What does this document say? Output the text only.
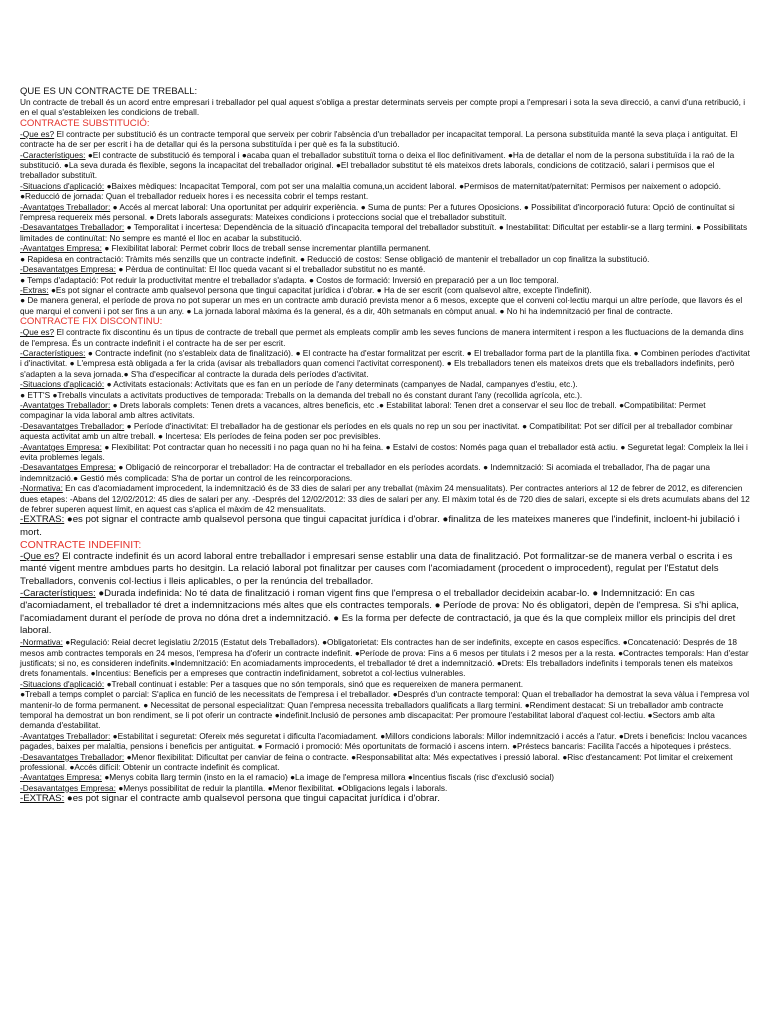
QUE ES UN CONTRACTE DE TREBALL:

Un contracte de treball és un acord entre empresari i treballador pel qual aquest s'obliga a prestar determinats serveis per compte propi a l'empresari i sota la seva direcció, a canvi d'una retribució, i en el qual s'estableixen les condicions de treball.

CONTRACTE SUBSTITUCIÓ:

-Que es? El contracte per substitució és un contracte temporal que serveix per cobrir l'absència d'un treballador per incapacitat temporal. La persona substituïda manté la seva plaça i antiguitat. El contracte ha de ser per escrit i ha de detallar qui és la persona substituïda i per què es fa la substitució.

-Característiques: ●El contracte de substitució és temporal i ●acaba quan el treballador substituït torna o deixa el lloc definitivament. ●Ha de detallar el nom de la persona substituïda i la raó de la substitució. ●La seva durada és flexible, segons la incapacitat del treballador original. ●El treballador substitut té els mateixos drets laborals, condicions de cotització, salari i permisos que el treballador substituït.

-Situacions d'aplicació: ●Baixes mèdiques: Incapacitat Temporal, com pot ser una malaltia comuna,un accident laboral. ●Permisos de maternitat/paternitat: Permisos per naixement o adopció. ●Reducció de jornada: Quan el treballador redueix hores i es necessita cobrir el temps restant.

-Avantatges Treballador: ● Accés al mercat laboral: Una oportunitat per adquirir experiència. ● Suma de punts: Per a futures Oposicions. ● Possibilitat d'incorporació futura: Opció de continuïtat si l'empresa requereix més personal. ● Drets laborals assegurats: Mateixes condicions i proteccions social que el treballador substituït.

-Desavantatges Treballador: ● Temporalitat i incertesa: Dependència de la situació d'incapacita temporal del treballador substituït. ● Inestabilitat: Dificultat per establir-se a llarg termini. ● Possibilitats limitades de continuïtat: No sempre es manté el lloc en acabar la substitució.

-Avantatges Empresa: ● Flexibilitat laboral: Permet cobrir llocs de treball sense incrementar plantilla permanent.

● Rapidesa en contractació: Tràmits més senzills que un contracte indefinit. ● Reducció de costos: Sense obligació de mantenir el treballador un cop finalitza la substitució.

-Desavantatges Empresa: ● Pèrdua de continuïtat: El lloc queda vacant si el treballador substitut no es manté.

● Temps d'adaptació: Pot reduir la productivitat mentre el treballador s'adapta. ● Costos de formació: Inversió en preparació per a un lloc temporal.

-Extras: ●Es pot signar el contracte amb qualsevol persona que tingui capacitat jurídica i d'obrar. ● Ha de ser escrit (com qualsevol altre, excepte l'indefinit).

● De manera general, el període de prova no pot superar un mes en un contracte amb duració prevista menor a 6 mesos, excepte que el conveni col·lectiu marqui un altre període, que llavors és el que marqui el conveni i pot ser fins a un any. ● La jornada laboral màxima és la general, és a dir, 40h setmanals en còmput anual. ● No hi ha indemnització per final de contracte.

CONTRACTE FIX DISCONTINU:

-Que es? El contracte fix discontinu és un tipus de contracte de treball que permet als empleats complir amb les seves funcions de manera intermitent i respon a les fluctuacions de la demanda dins de l'empresa. És un contracte indefinit i el contracte ha de ser per escrit.

-Característiques: ● Contracte indefinit (no s'estableix data de finalització). ● El contracte ha d'estar formalitzat per escrit. ● El treballador forma part de la plantilla fixa. ● Combinen períodes d'activitat i d'inactivitat. ● L'empresa està obligada a fer la crida (avisar als treballadors quan comenci l'activitat corresponent). ● Els treballadors tenen els mateixos drets que els treballadors indefinits, però s'adapten a la seva jornada.● S'ha d'especificar al contracte la durada dels períodes d'activitat.

-Situacions d'aplicació: ● Activitats estacionals: Activitats que es fan en un període de l'any determinats (campanyes de Nadal, campanyes d'estiu, etc.).

● ETT'S ●Treballs vinculats a activitats productives de temporada: Treballs on la demanda del treball no és constant durant l'any (recollida agrícola, etc.).

-Avantatges Treballador: ● Drets laborals complets: Tenen drets a vacances, altres beneficis, etc .● Estabilitat laboral: Tenen dret a conservar el seu lloc de treball. ●Compatibilitat: Permet compaginar la vida laboral amb altres activitats.

-Desavantatges Treballador: ● Període d'inactivitat: El treballador ha de gestionar els períodes en els quals no rep un sou per inactivitat. ● Compatibilitat: Pot ser difícil per al treballador combinar aquesta activitat amb un altre treball. ● Incertesa: Els períodes de feina poden ser poc previsibles.

-Avantatges Empresa: ● Flexibilitat: Pot contractar quan ho necessiti i no paga quan no hi ha feina. ● Estalvi de costos: Només paga quan el treballador està actiu. ● Seguretat legal: Compleix la llei i evita problemes legals.

-Desavantatges Empresa: ● Obligació de reincorporar el treballador: Ha de contractar el treballador en els períodes acordats. ● Indemnització: Si acomiada el treballador, l'ha de pagar una indemnització.● Gestió més complicada: S'ha de portar un control de les reincorporacions.

-Normativa: En cas d'acomiadament improcedent, la indemnització és de 33 dies de salari per any treballat (màxim 24 mensualitats). Per contractes anteriors al 12 de febrer de 2012, es diferencien dues etapes: -Abans del 12/02/2012: 45 dies de salari per any. -Després del 12/02/2012: 33 dies de salari per any. El màxim total és de 720 dies de salari, excepte si els drets acumulats abans del 12 de febrer superen aquest límit, en aquest cas s'aplica el màxim de 42 mensualitats.

-EXTRAS: ●es pot signar el contracte amb qualsevol persona que tingui capacitat jurídica i d'obrar. ●finalitza de les mateixes maneres que l'indefinit, incloent-hi jubilació i mort.

CONTRACTE INDEFINIT:

-Que es? El contracte indefinit és un acord laboral entre treballador i empresari sense establir una data de finalització. Pot formalitzar-se de manera verbal o escrita i es manté vigent mentre ambdues parts ho desitgin. La relació laboral pot finalitzar per causes com l'acomiadament (procedent o improcedent), regulat per l'Estatut dels Treballadors, convenis col·lectius i lleis aplicables, o per la renúncia del treballador.

-Característiques: ●Durada indefinida: No té data de finalització i roman vigent fins que l'empresa o el treballador decideixin acabar-lo. ● Indemnització: En cas d'acomiadament, el treballador té dret a indemnitzacions més altes que els contractes temporals. ● Període de prova: No és obligatori, depèn de l'empresa. Si s'hi aplica, l'acomiadament durant el període de prova no dóna dret a indemnització. ● Es la forma per defecte de contractació, ja que és la que compleix millor els principis del dret laboral.

-Normativa: ●Regulació: Reial decret legislatiu 2/2015 (Estatut dels Treballadors). ●Obligatorietat: Els contractes han de ser indefinits, excepte en casos específics. ●Concatenació: Després de 18 mesos amb contractes temporals en 24 mesos, l'empresa ha d'oferir un contracte indefinit. ●Període de prova: Fins a 6 mesos per titulats i 2 mesos per a la resta. ●Contractes temporals: Han d'estar justificats; si no, es consideren indefinits.●Indemnització: En acomiadaments improcedents, el treballador té dret a indemnització. ●Drets: Els treballadors indefinits i temporals tenen els mateixos drets fonamentals. ●Incentius: Beneficis per a empreses que contractin indefinidament, sobretot a col·lectius vulnerables.

-Situacions d'aplicació: ●Treball continuat i estable: Per a tasques que no són temporals, sinó que es requereixen de manera permanent.

●Treball a temps complet o parcial: S'aplica en funció de les necessitats de l'empresa i el treballador. ●Després d'un contracte temporal: Quan el treballador ha demostrat la seva vàlua i l'empresa vol mantenir-lo de forma permanent. ● Necessitat de personal especialitzat: Quan l'empresa necessita treballadors qualificats a llarg termini. ●Rendiment destacat: Si un treballador amb contracte temporal ha demostrat un bon rendiment, se li pot oferir un contracte ●indefinit.Inclusió de persones amb discapacitat: Per promoure l'estabilitat laboral d'aquest col·lectiu. ●Sectors amb alta demanda d'estabilitat.

-Avantatges Treballador: ●Estabilitat i seguretat: Ofereix més seguretat i dificulta l'acomiadament. ●Millors condicions laborals: Millor indemnització i accés a l'atur. ●Drets i beneficis: Inclou vacances pagades, baixes per malaltia, pensions i beneficis per antiguitat. ● Formació i promoció: Més oportunitats de formació i ascens intern. ●Préstecs bancaris: Facilita l'accés a hipoteques i préstecs.

-Desavantatges Treballador: ●Menor flexibilitat: Dificultat per canviar de feina o contracte. ●Responsabilitat alta: Més expectatives i pressió laboral. ●Risc d'estancament: Pot limitar el creixement professional. ●Accés difícil: Obtenir un contracte indefinit és complicat.

-Avantatges Empresa: ●Menys cobita llarg termin (insto en la el ramacio) ●La image de l'empresa millora ●Incentius fiscals (risc d'exclusió social)

-Desavantatges Empresa: ●Menys possibilitat de reduir la plantilla. ●Menor flexibilitat. ●Obligacions legals i laborals.

-EXTRAS: ●es pot signar el contracte amb qualsevol persona que tingui capacitat jurídica i d'obrar.
